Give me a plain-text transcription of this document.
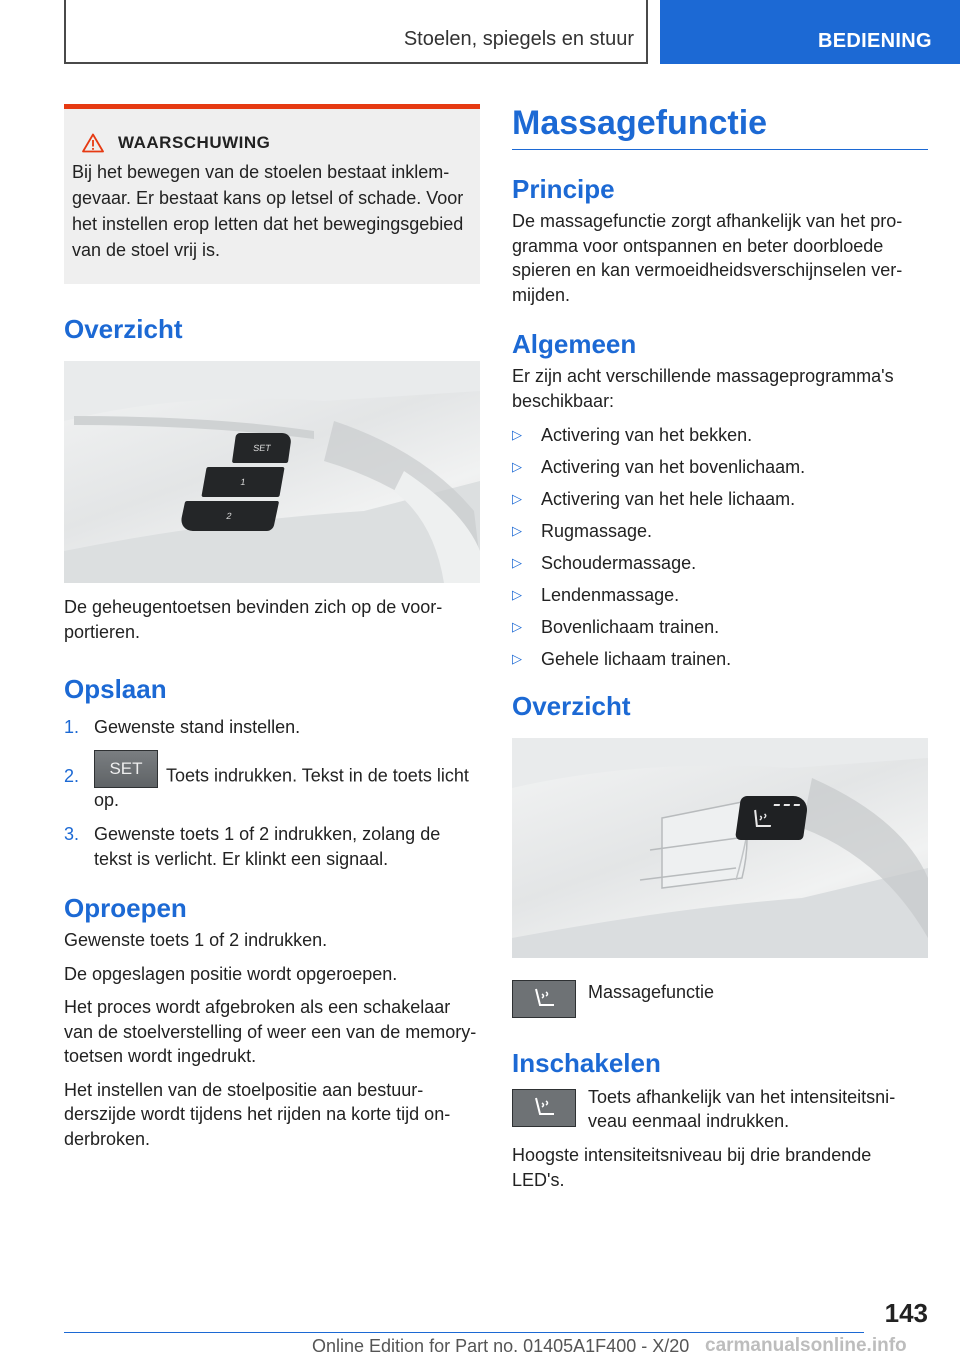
Stoelen, spiegels en stuur	BEDIENING
WAARSCHUWING

Bij het bewegen van de stoelen bestaat inklemgevaar. Er bestaat kans op letsel of schade. Voor het instellen erop letten dat het bewegingsgebied van de stoel vrij is.

Overzicht
SET
1
2

De geheugentoetsen bevinden zich op de voorportieren.

Opslaan
1. Gewenste stand instellen.
2.	SET Toets indrukken. Tekst in de toets licht op.
3. Gewenste toets 1 of 2 indrukken, zolang de tekst is verlicht. Er klinkt een signaal.
Oproepen

Gewenste toets 1 of 2 indrukken.

De opgeslagen positie wordt opgeroepen.

Het proces wordt afgebroken als een schakelaar van de stoelverstelling of weer een van de memory-toetsen wordt ingedrukt.

Het instellen van de stoelpositie aan bestuurderszijde wordt tijdens het rijden na korte tijd onderbroken.

Massagefunctie
Principe

De massagefunctie zorgt afhankelijk van het programma voor ontspannen en beter doorbloede spieren en kan vermoeidheidsverschijnselen vermijden.

Algemeen

Er zijn acht verschillende massageprogramma's beschikbaar:

▷	Activering van het bekken.
▷	Activering van het bovenlichaam.
▷	Activering van het hele lichaam.
▷	Rugmassage.
▷	Schoudermassage.
▷	Lendenmassage.
▷	Bovenlichaam trainen.
▷	Gehele lichaam trainen.
Overzicht
Massagefunctie
Inschakelen
Toets afhankelijk van het intensiteitsniveau eenmaal indrukken.

Hoogste intensiteitsniveau bij drie brandende LED's.

143
Online Edition for Part no. 01405A1F400 - X/20 carmanualsonline.info
